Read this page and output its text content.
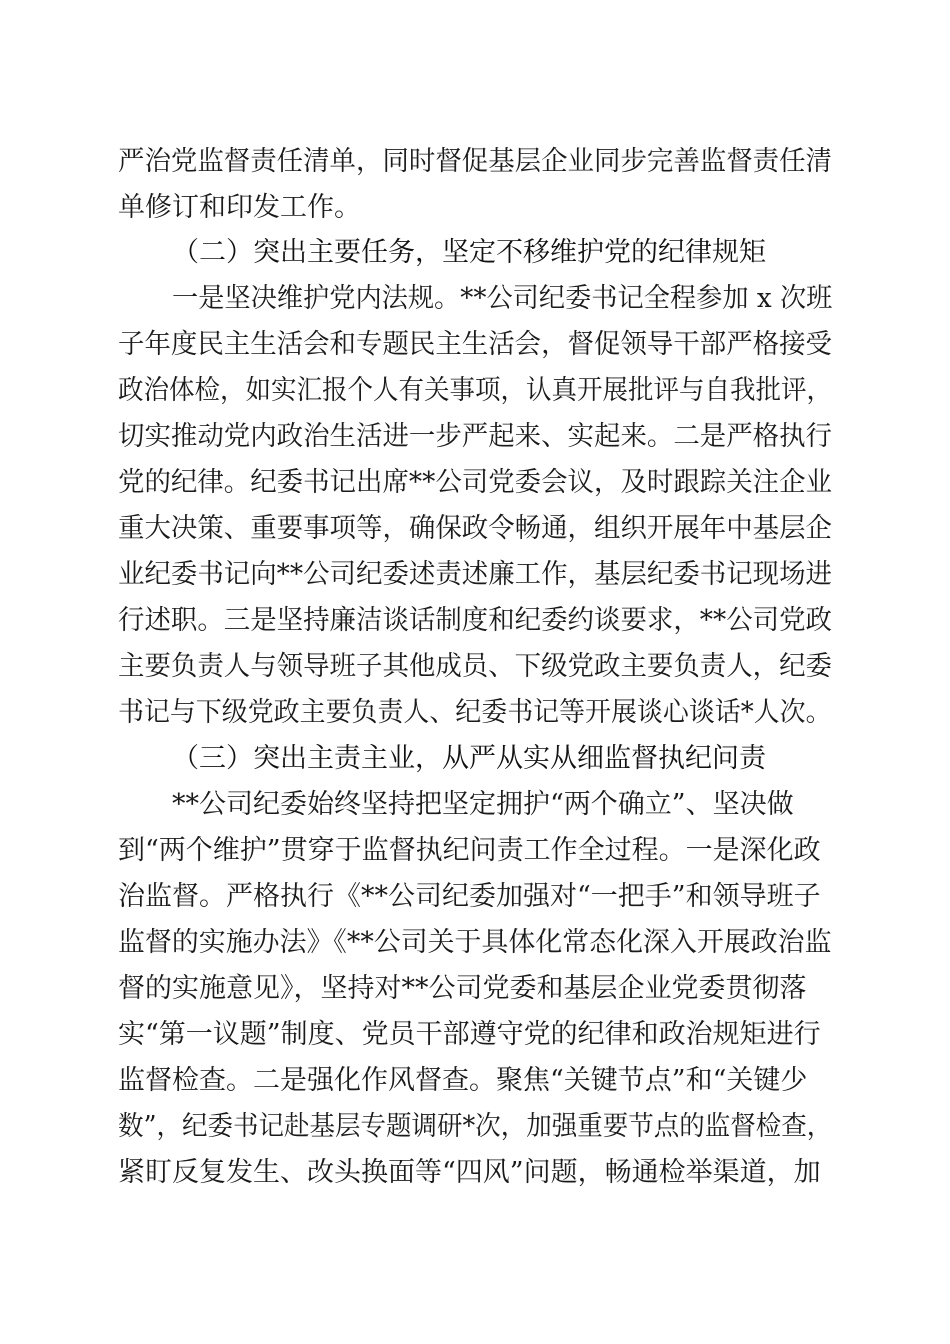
严治党监督责任清单，同时督促基层企业同步完善监督责任清
单修订和印发工作。
（二）突出主要任务，坚定不移维护党的纪律规矩
一是坚决维护党内法规。**公司纪委书记全程参加 x 次班
子年度民主生活会和专题民主生活会，督促领导干部严格接受
政治体检，如实汇报个人有关事项，认真开展批评与自我批评，
切实推动党内政治生活进一步严起来、实起来。二是严格执行
党的纪律。纪委书记出席**公司党委会议，及时跟踪关注企业
重大决策、重要事项等，确保政令畅通，组织开展年中基层企
业纪委书记向**公司纪委述责述廉工作，基层纪委书记现场进
行述职。三是坚持廉洁谈话制度和纪委约谈要求，**公司党政
主要负责人与领导班子其他成员、下级党政主要负责人，纪委
书记与下级党政主要负责人、纪委书记等开展谈心谈话*人次。
（三）突出主责主业，从严从实从细监督执纪问责
**公司纪委始终坚持把坚定拥护“两个确立”、坚决做
到“两个维护”贯穿于监督执纪问责工作全过程。一是深化政
治监督。严格执行《**公司纪委加强对“一把手”和领导班子
监督的实施办法》《**公司关于具体化常态化深入开展政治监
督的实施意见》，坚持对**公司党委和基层企业党委贯彻落
实“第一议题”制度、党员干部遵守党的纪律和政治规矩进行
监督检查。二是强化作风督查。聚焦“关键节点”和“关键少
数”，纪委书记赴基层专题调研*次，加强重要节点的监督检查，
紧盯反复发生、改头换面等“四风”问题，畅通检举渠道，加
